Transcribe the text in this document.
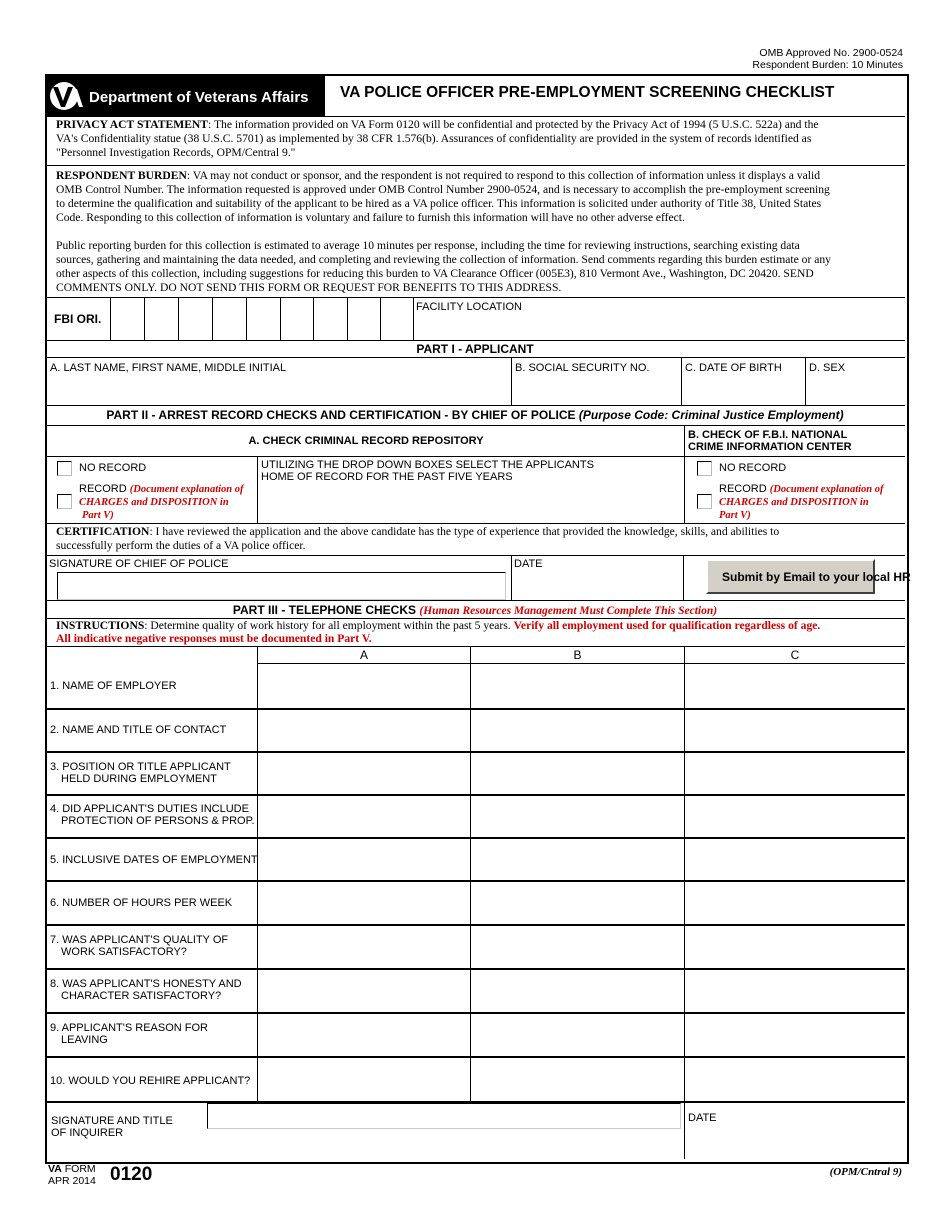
OMB Approved No. 2900-0524
Respondent Burden: 10 Minutes
Department of Veterans Affairs VA POLICE OFFICER PRE-EMPLOYMENT SCREENING CHECKLIST
PRIVACY ACT STATEMENT: The information provided on VA Form 0120 will be confidential and protected by the Privacy Act of 1994 (5 U.S.C. 522a) and the
VA's Confidentiality statue (38 U.S.C. 5701) as implemented by 38 CFR 1.576(b). Assurances of confidentiality are provided in the system of records identified as
"Personnel Investigation Records, OPM/Central 9."
RESPONDENT BURDEN: VA may not conduct or sponsor, and the respondent is not required to respond to this collection of information unless it displays a valid
OMB Control Number. The information requested is approved under OMB Control Number 2900-0524, and is necessary to accomplish the pre-employment screening
to determine the qualification and suitability of the applicant to be hired as a VA police officer. This information is solicited under authority of Title 38, United States
Code. Responding to this collection of information is voluntary and failure to furnish this information will have no other adverse effect.
Public reporting burden for this collection is estimated to average 10 minutes per response, including the time for reviewing instructions, searching existing data
sources, gathering and maintaining the data needed, and completing and reviewing the collection of information. Send comments regarding this burden estimate or any
other aspects of this collection, including suggestions for reducing this burden to VA Clearance Officer (005E3), 810 Vermont Ave., Washington, DC 20420. SEND
COMMENTS ONLY. DO NOT SEND THIS FORM OR REQUEST FOR BENEFITS TO THIS ADDRESS.
FBI ORI.
FACILITY LOCATION
PART I - APPLICANT
A. LAST NAME, FIRST NAME, MIDDLE INITIAL	B. SOCIAL SECURITY NO.	C. DATE OF BIRTH D. SEX
PART II - ARREST RECORD CHECKS AND CERTIFICATION - BY CHIEF OF POLICE (Purpose Code: Criminal Justice Employment)
A. CHECK CRIMINAL RECORD REPOSITORY	B. CHECK OF F.B.I. NATIONAL
CRIME INFORMATION CENTER
NO RECORD
RECORD (Document explanation of
CHARGES and DISPOSITION in
Part V)
UTILIZING THE DROP DOWN BOXES SELECT THE APPLICANTS
HOME OF RECORD FOR THE PAST FIVE YEARS
NO RECORD
RECORD (Document explanation of
CHARGES and DISPOSITION in
Part V)
CERTIFICATION: I have reviewed the application and the above candidate has the type of experience that provided the knowledge, skills, and abilities to
successfully perform the duties of a VA police officer.
SIGNATURE OF CHIEF OF POLICE	DATE
Submit by Email to your local HR
PART III - TELEPHONE CHECKS (Human Resources Management Must Complete This Section)
INSTRUCTIONS: Determine quality of work history for all employment within the past 5 years. Verify all employment used for qualification regardless of age.
All indicative negative responses must be documented in Part V.
A	B	C
1. NAME OF EMPLOYER
2. NAME AND TITLE OF CONTACT
3. POSITION OR TITLE APPLICANT
HELD DURING EMPLOYMENT
4. DID APPLICANT'S DUTIES INCLUDE
PROTECTION OF PERSONS & PROP.
5. INCLUSIVE DATES OF EMPLOYMENT
6. NUMBER OF HOURS PER WEEK
7. WAS APPLICANT'S QUALITY OF
WORK SATISFACTORY?
8. WAS APPLICANT'S HONESTY AND
CHARACTER SATISFACTORY?
9. APPLICANT'S REASON FOR
LEAVING
10. WOULD YOU REHIRE APPLICANT?
SIGNATURE AND TITLE
OF INQUIRER
DATE
VA FORM
APR 2014 0120	(OPM/Cntral 9)
